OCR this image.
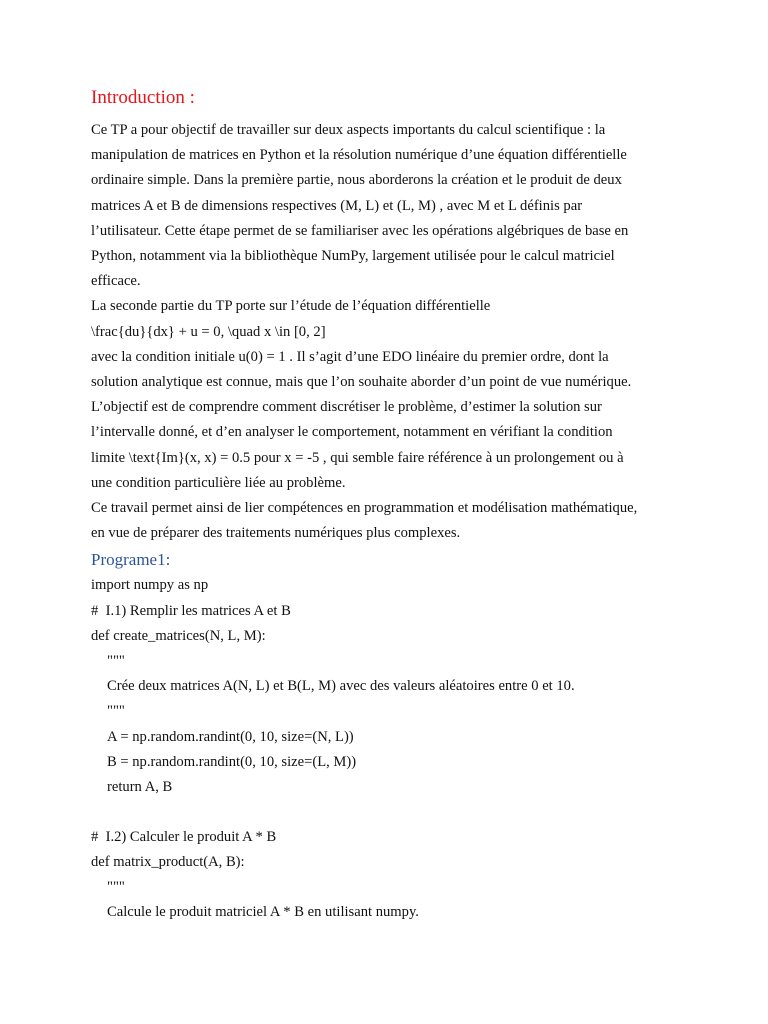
Introduction :

Ce TP a pour objectif de travailler sur deux aspects importants du calcul scientifique : la

manipulation de matrices en Python et la résolution numérique d’une équation différentielle

ordinaire simple. Dans la première partie, nous aborderons la création et le produit de deux

matrices A et B de dimensions respectives (M, L) et (L, M) , avec M et L définis par

l’utilisateur. Cette étape permet de se familiariser avec les opérations algébriques de base en

Python, notamment via la bibliothèque NumPy, largement utilisée pour le calcul matriciel

efficace.

La seconde partie du TP porte sur l’étude de l’équation différentielle

\frac{du}{dx} + u = 0, \quad x \in [0, 2]

avec la condition initiale u(0) = 1 . Il s’agit d’une EDO linéaire du premier ordre, dont la

solution analytique est connue, mais que l’on souhaite aborder d’un point de vue numérique.

L’objectif est de comprendre comment discrétiser le problème, d’estimer la solution sur

l’intervalle donné, et d’en analyser le comportement, notamment en vérifiant la condition

limite \text{Im}(x, x) = 0.5 pour x = -5 , qui semble faire référence à un prolongement ou à

une condition particulière liée au problème.

Ce travail permet ainsi de lier compétences en programmation et modélisation mathématique,

en vue de préparer des traitements numériques plus complexes.

Programe1:

import numpy as np

#  I.1) Remplir les matrices A et B

def create_matrices(N, L, M):

"""

Crée deux matrices A(N, L) et B(L, M) avec des valeurs aléatoires entre 0 et 10.

"""

A = np.random.randint(0, 10, size=(N, L))

B = np.random.randint(0, 10, size=(L, M))

return A, B

#  I.2) Calculer le produit A * B

def matrix_product(A, B):

"""

Calcule le produit matriciel A * B en utilisant numpy.
